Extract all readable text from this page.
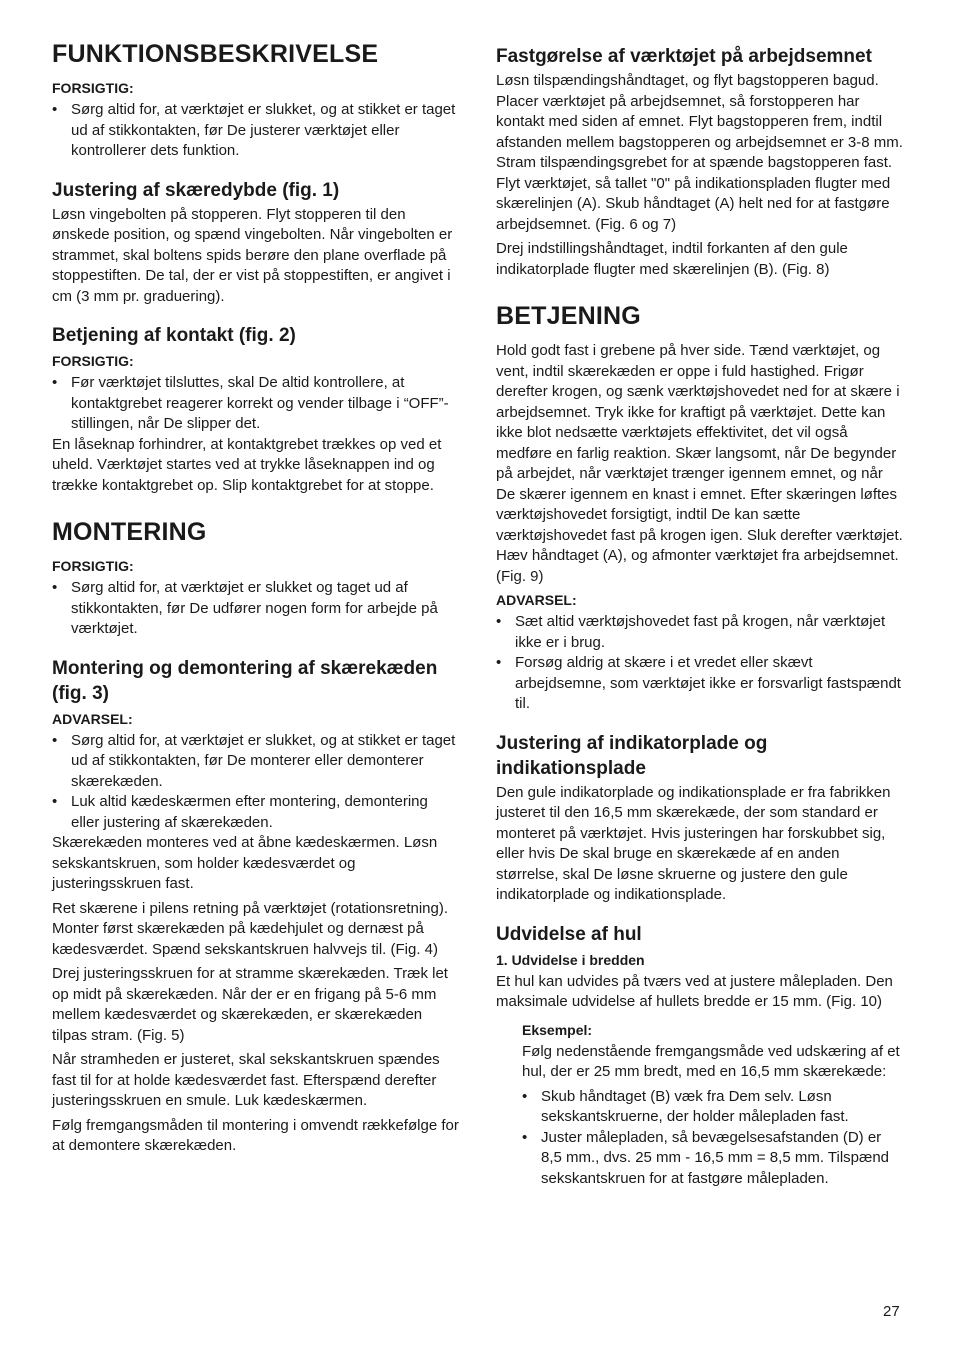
FUNKTIONSBESKRIVELSE
FORSIGTIG:
• Sørg altid for, at værktøjet er slukket, og at stikket er taget ud af stikkontakten, før De justerer værktøjet eller kontrollerer dets funktion.
Justering af skæredybde (fig. 1)

Løsn vingebolten på stopperen. Flyt stopperen til den ønskede position, og spænd vingebolten. Når vingebolten er strammet, skal boltens spids berøre den plane overflade på stoppestiften. De tal, der er vist på stoppestiften, er angivet i cm (3 mm pr. graduering).

Betjening af kontakt (fig. 2)
FORSIGTIG:
• Før værktøjet tilsluttes, skal De altid kontrollere, at kontaktgrebet reagerer korrekt og vender tilbage i “OFF”-stillingen, når De slipper det.

En låseknap forhindrer, at kontaktgrebet trækkes op ved et uheld. Værktøjet startes ved at trykke låseknappen ind og trække kontaktgrebet op. Slip kontaktgrebet for at stoppe.

MONTERING
FORSIGTIG:
• Sørg altid for, at værktøjet er slukket og taget ud af stikkontakten, før De udfører nogen form for arbejde på værktøjet.
Montering og demontering af skærekæden (fig. 3)
ADVARSEL:
• Sørg altid for, at værktøjet er slukket, og at stikket er taget ud af stikkontakten, før De monterer eller demonterer skærekæden.
• Luk altid kædeskærmen efter montering, demontering eller justering af skærekæden.

Skærekæden monteres ved at åbne kædeskærmen. Løsn sekskantskruen, som holder kædesværdet og justeringsskruen fast.

Ret skærene i pilens retning på værktøjet (rotationsretning). Monter først skærekæden på kædehjulet og dernæst på kædesværdet. Spænd sekskantskruen halvvejs til. (Fig. 4)

Drej justeringsskruen for at stramme skærekæden. Træk let op midt på skærekæden. Når der er en frigang på 5-6 mm mellem kædesværdet og skærekæden, er skærekæden tilpas stram. (Fig. 5)

Når stramheden er justeret, skal sekskantskruen spændes fast til for at holde kædesværdet fast. Efterspænd derefter justeringsskruen en smule. Luk kædeskærmen.

Følg fremgangsmåden til montering i omvendt rækkefølge for at demontere skærekæden.

Fastgørelse af værktøjet på arbejdsemnet

Løsn tilspændingshåndtaget, og flyt bagstopperen bagud. Placer værktøjet på arbejdsemnet, så forstopperen har kontakt med siden af emnet. Flyt bagstopperen frem, indtil afstanden mellem bagstopperen og arbejdsemnet er 3-8 mm. Stram tilspændingsgrebet for at spænde bagstopperen fast. Flyt værktøjet, så tallet "0" på indikationspladen flugter med skærelinjen (A). Skub håndtaget (A) helt ned for at fastgøre arbejdsemnet. (Fig. 6 og 7)

Drej indstillingshåndtaget, indtil forkanten af den gule indikatorplade flugter med skærelinjen (B). (Fig. 8)

BETJENING

Hold godt fast i grebene på hver side. Tænd værktøjet, og vent, indtil skærekæden er oppe i fuld hastighed. Frigør derefter krogen, og sænk værktøjshovedet ned for at skære i arbejdsemnet. Tryk ikke for kraftigt på værktøjet. Dette kan ikke blot nedsætte værktøjets effektivitet, det vil også medføre en farlig reaktion. Skær langsomt, når De begynder på arbejdet, når værktøjet trænger igennem emnet, og når De skærer igennem en knast i emnet. Efter skæringen løftes værktøjshovedet forsigtigt, indtil De kan sætte værktøjshovedet fast på krogen igen. Sluk derefter værktøjet. Hæv håndtaget (A), og afmonter værktøjet fra arbejdsemnet. (Fig. 9)

ADVARSEL:
• Sæt altid værktøjshovedet fast på krogen, når værktøjet ikke er i brug.
• Forsøg aldrig at skære i et vredet eller skævt arbejdsemne, som værktøjet ikke er forsvarligt fastspændt til.
Justering af indikatorplade og indikationsplade

Den gule indikatorplade og indikationsplade er fra fabrikken justeret til den 16,5 mm skærekæde, der som standard er monteret på værktøjet. Hvis justeringen har forskubbet sig, eller hvis De skal bruge en skærekæde af en anden størrelse, skal De løsne skruerne og justere den gule indikatorplade og indikationsplade.

Udvidelse af hul
1. Udvidelse i bredden

Et hul kan udvides på tværs ved at justere målepladen. Den maksimale udvidelse af hullets bredde er 15 mm. (Fig. 10)

Eksempel:

Følg nedenstående fremgangsmåde ved udskæring af et hul, der er 25 mm bredt, med en 16,5 mm skærekæde:

• Skub håndtaget (B) væk fra Dem selv. Løsn sekskantskruerne, der holder målepladen fast.
• Juster målepladen, så bevægelsesafstanden (D) er 8,5 mm., dvs. 25 mm - 16,5 mm = 8,5 mm. Tilspænd sekskantskruen for at fastgøre målepladen.
27
